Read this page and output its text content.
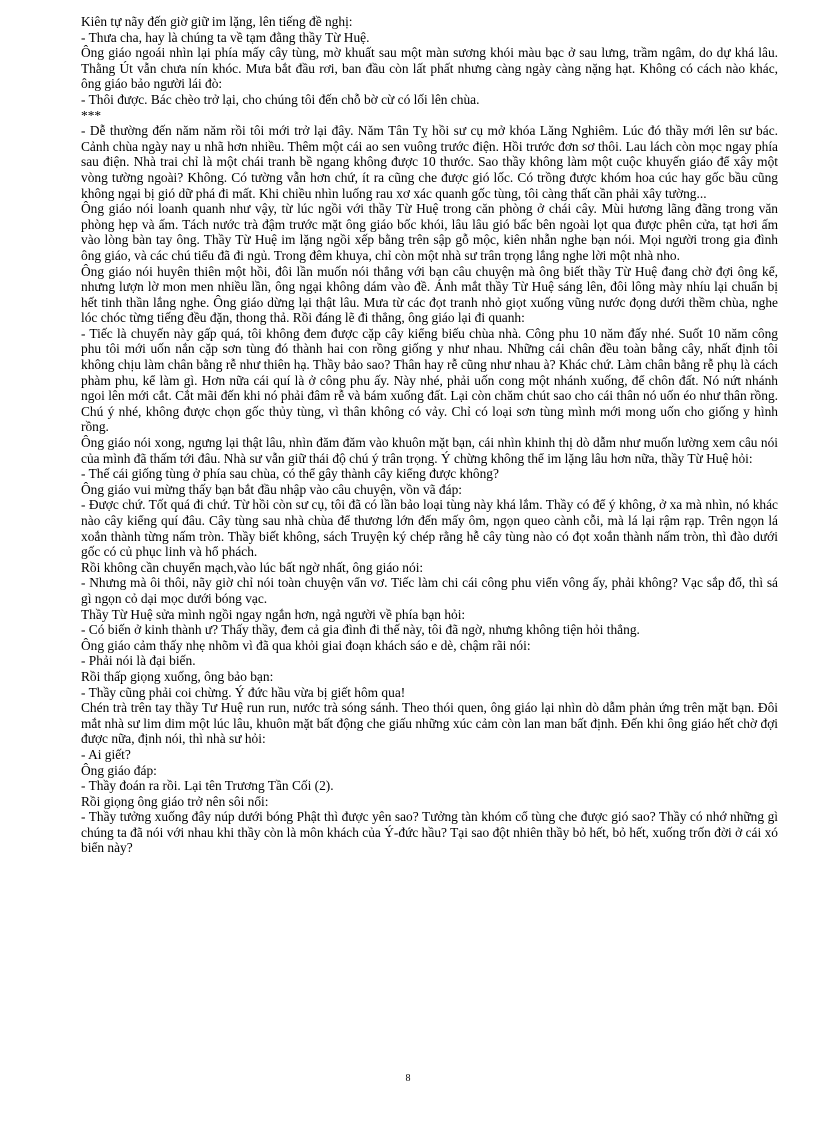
Kiên tự nãy đến giờ giữ im lặng, lên tiếng đề nghị:

- Thưa cha, hay là chúng ta về tạm đằng thầy Từ Huệ.

Ông giáo ngoái nhìn lại phía mấy cây tùng, mờ khuất sau một màn sương khói màu bạc ở sau lưng, trầm ngâm, do dự khá lâu. Thằng Út vẫn chưa nín khóc. Mưa bắt đầu rơi, ban đầu còn lất phất nhưng càng ngày càng nặng hạt. Không có cách nào khác, ông giáo bảo người lái đò:

- Thôi được. Bác chèo trở lại, cho chúng tôi đến chỗ bờ cừ có lối lên chùa.

***

- Dễ thường đến năm năm rồi tôi mới trở lại đây. Năm Tân Tỵ hồi sư cụ mở khóa Lăng Nghiêm. Lúc đó thầy mới lên sư bác. Cảnh chùa ngày nay u nhã hơn nhiều. Thêm một cái ao sen vuông trước điện. Hồi trước đơn sơ thôi. Lau lách còn mọc ngay phía sau điện. Nhà trai chỉ là một chái tranh bề ngang không được 10 thước. Sao thầy không làm một cuộc khuyến giáo để xây một vòng tường ngoài? Không. Có tường vẫn hơn chứ, ít ra cũng che được gió lốc. Có trồng được khóm hoa cúc hay gốc bầu cũng không ngại bị gió dữ phá đi mất. Khi chiều nhìn luống rau xơ xác quanh gốc tùng, tôi càng thất cần phải xây tường...

Ông giáo nói loanh quanh như vậy, từ lúc ngồi với thầy Từ Huệ trong căn phòng ở chái cây. Mùi hương lãng đãng trong văn phòng hẹp và ấm. Tách nước trà đậm trước mặt ông giáo bốc khói, lâu lâu gió bấc bên ngoài lọt qua được phên cửa, tạt hơi ấm vào lòng bàn tay ông. Thầy Từ Huệ im lặng ngồi xếp bằng trên sập gỗ mộc, kiên nhẫn nghe bạn nói. Mọi người trong gia đình ông giáo, và các chú tiểu đã đi ngủ. Trong đêm khuya, chỉ còn một nhà sư trân trọng lắng nghe lời một nhà nho.

Ông giáo nói huyên thiên một hồi, đôi lần muốn nói thẳng với bạn câu chuyện mà ông biết thầy Từ Huệ đang chờ đợi ông kể, nhưng lượn lờ mon men nhiều lần, ông ngại không dám vào đề. Ánh mắt thầy Từ Huệ sáng lên, đôi lông mày nhíu lại chuẩn bị hết tinh thần lắng nghe. Ông giáo dừng lại thật lâu. Mưa từ các đọt tranh nhỏ giọt xuống vũng nước đọng dưới thềm chùa, nghe lóc chóc từng tiếng đều đặn, thong thả. Rồi đáng lẽ đi thẳng, ông giáo lại đi quanh:

- Tiếc là chuyến này gấp quá, tôi không đem được cặp cây kiểng biếu chùa nhà. Công phu 10 năm đấy nhé. Suốt 10 năm công phu tôi mới uốn nắn cặp sơn tùng đó thành hai con rồng giống y như nhau. Những cái chân đều toàn bằng cây, nhất định tôi không chịu làm chân bằng rễ như thiên hạ. Thầy bảo sao? Thân hay rễ cũng như nhau à? Khác chứ. Làm chân bằng rễ phụ là cách phàm phu, kể làm gì. Hơn nữa cái quí là ở công phu ấy. Này nhé, phải uốn cong một nhánh xuống, để chôn đất. Nó nứt nhánh ngoi lên mới cắt. Cắt mãi đến khi nó phải đâm rễ và bám xuống đất. Lại còn chăm chút sao cho cái thân nó uốn éo như thân rồng. Chú ý nhé, không được chọn gốc thủy tùng, vì thân không có vảy. Chỉ có loại sơn tùng mình mới mong uốn cho giống y hình rồng.

Ông giáo nói xong, ngưng lại thật lâu, nhìn đăm đăm vào khuôn mặt bạn, cái nhìn khinh thị dò dẫm như muốn lường xem câu nói của mình đã thấm tới đâu. Nhà sư vẫn giữ thái độ chú ý trân trọng. Ý chừng không thể im lặng lâu hơn nữa, thầy Từ Huệ hỏi:

- Thế cái giống tùng ở phía sau chùa, có thể gây thành cây kiểng được không?

Ông giáo vui mừng thấy bạn bắt đầu nhập vào câu chuyện, vồn vã đáp:

- Được chứ. Tốt quá đi chứ. Từ hồi còn sư cụ, tôi đã có lần bảo loại tùng này khá lắm. Thầy có để ý không, ở xa mà nhìn, nó khác nào cây kiểng quí đâu. Cây tùng sau nhà chùa để thương lớn đến mấy ôm, ngọn queo cành cỗi, mà lá lại rậm rạp. Trên ngọn lá xoắn thành từng nấm tròn. Thầy biết không, sách Truyện ký chép rằng hễ cây tùng nào có đọt xoắn thành nấm tròn, thì đào dưới gốc có củ phục linh và hổ phách.

Rồi không cần chuyển mạch,vào lúc bất ngờ nhất, ông giáo nói:

- Nhưng mà ôi thôi, nãy giờ chỉ nói toàn chuyện vẩn vơ. Tiếc làm chi cái công phu viển vông ấy, phải không? Vạc sắp đổ, thì sá gì ngọn cỏ dại mọc dưới bóng vạc.

Thầy Từ Huệ sửa mình ngồi ngay ngắn hơn, ngả người về phía bạn hỏi:

- Có biến ở kinh thành ư? Thấy thầy, đem cả gia đình đi thế này, tôi đã ngờ, nhưng không tiện hỏi thẳng.

Ông giáo cảm thấy nhẹ nhõm vì đã qua khỏi giai đoạn khách sáo e dè, chậm rãi nói:

- Phải nói là đại biến.

Rồi thấp giọng xuống, ông bảo bạn:

- Thầy cũng phải coi chừng. Ý đức hầu vừa bị giết hôm qua!

Chén trà trên tay thầy Tư Huệ run run, nước trà sóng sánh. Theo thói quen, ông giáo lại nhìn dò dẫm phản ứng trên mặt bạn. Đôi mắt nhà sư lim dim một lúc lâu, khuôn mặt bất động che giấu những xúc cảm còn lan man bất định. Đến khi ông giáo hết chờ đợi được nữa, định nói, thì nhà sư hỏi:

- Ai giết?

Ông giáo đáp:

- Thầy đoán ra rồi. Lại tên Trương Tần Cối (2).

Rồi giọng ông giáo trở nên sôi nổi:

- Thầy tưởng xuống đây núp dưới bóng Phật thì được yên sao? Tưởng tàn khóm cổ tùng che được gió sao? Thầy có nhớ những gì chúng ta đã nói với nhau khi thầy còn là môn khách của Ý-đức hầu? Tại sao đột nhiên thầy bỏ hết, bỏ hết, xuống trốn đời ở cái xó biển này?

8
